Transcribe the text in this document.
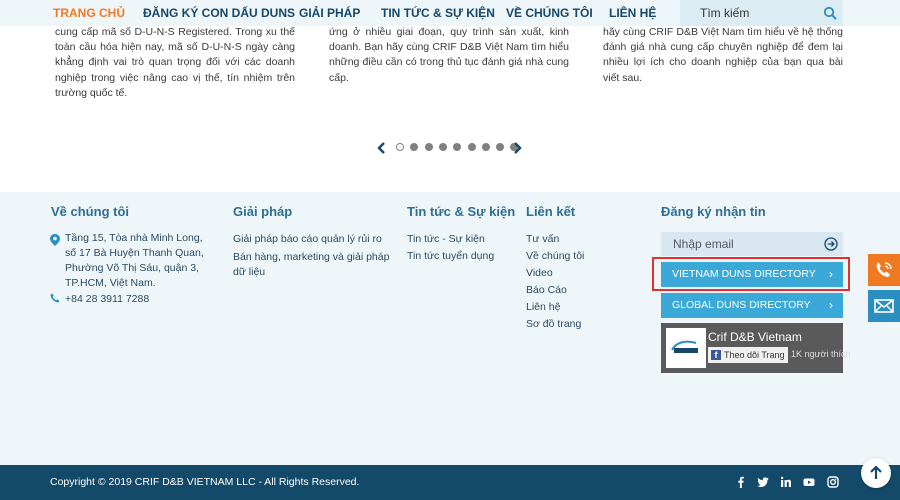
TRANG CHỦ ĐĂNG KÝ CON DẤU DUNS GIẢI PHÁP TIN TỨC & SỰ KIỆN VỀ CHÚNG TÔI LIÊN HỆ
Tìm kiếm

cung cấp mã số D-U-N-S Registered. Trong xu thế toàn cầu hóa hiện nay, mã số D-U-N-S ngày càng khẳng định vai trò quan trọng đối với các doanh nghiệp trong việc nâng cao vị thế, tín nhiệm trên trường quốc tế.

ứng ở nhiều giai đoạn, quy trình sản xuất, kinh doanh. Bạn hãy cùng CRIF D&B Việt Nam tìm hiểu những điều cần có trong thủ tục đánh giá nhà cung cấp.

hãy cùng CRIF D&B Việt Nam tìm hiểu về hệ thống đánh giá nhà cung cấp chuyên nghiệp để đem lại nhiều lợi ích cho doanh nghiệp của bạn qua bài viết sau.

Về chúng tôi
Tầng 15, Tòa nhà Minh Long, số 17 Bà Huyện Thanh Quan, Phường Võ Thị Sáu, quận 3, TP.HCM, Việt Nam.
+84 28 3911 7288
Giải pháp
Giải pháp báo cáo quản lý rủi ro
Bán hàng, marketing và giải pháp dữ liệu
Tin tức & Sự kiện
Tin tức - Sự kiện
Tin tức tuyển dụng
Liên kết
Tư vấn
Về chúng tôi
Video
Báo Cáo
Liên hệ
Sơ đồ trang
Đăng ký nhận tin
Nhập email
VIETNAM DUNS DIRECTORY ›
GLOBAL DUNS DIRECTORY ›
Crif D&B Vietnam
f Theo dõi Trang 1K người thích
Copyright © 2019 CRIF D&B VIETNAM LLC - All Rights Reserved.
